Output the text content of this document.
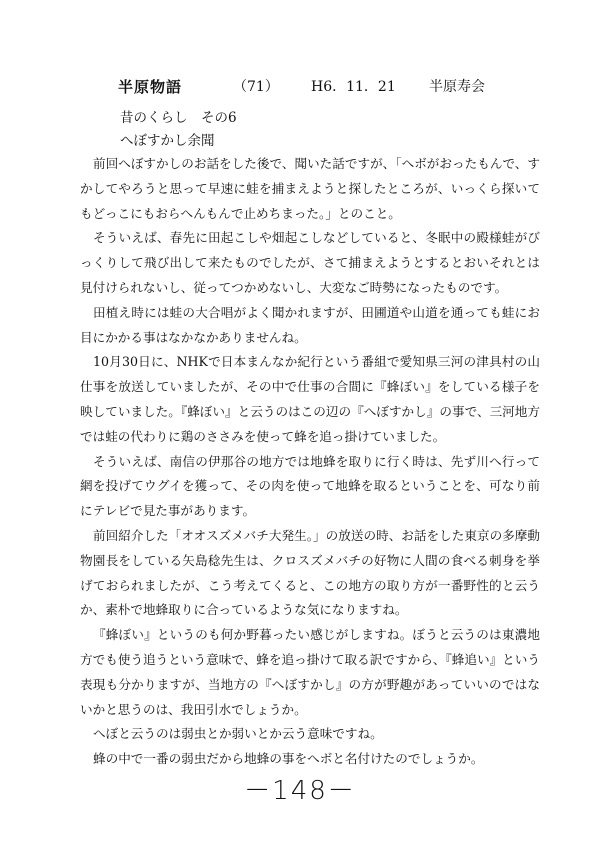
半原物語	（71） H6．11．21 半原寿会
昔のくらし　その6
へぼすかし余聞

前回へぼすかしのお話をした後で、聞いた話ですが、「へボがおったもんで、すかしてやろうと思って早速に蛙を捕まえようと探したところが、いっくら探いてもどっこにもおらへんもんで止めちまった。」とのこと。

そういえば、春先に田起こしや畑起こしなどしていると、冬眠中の殿様蛙がびっくりして飛び出して来たものでしたが、さて捕まえようとするとおいそれとは見付けられないし、従ってつかめないし、大変なご時勢になったものです。

田植え時には蛙の大合唱がよく聞かれますが、田圃道や山道を通っても蛙にお目にかかる事はなかなかありませんね。

10月30日に、NHKで日本まんなか紀行という番組で愛知県三河の津具村の山仕事を放送していましたが、その中で仕事の合間に『蜂ぼい』をしている様子を映していました。『蜂ぼい』と云うのはこの辺の『へぼすかし』の事で、三河地方では蛙の代わりに鶏のささみを使って蜂を追っ掛けていました。

そういえば、南信の伊那谷の地方では地蜂を取りに行く時は、先ず川へ行って網を投げてウグイを獲って、その肉を使って地蜂を取るということを、可なり前にテレビで見た事があります。

前回紹介した「オオスズメバチ大発生。」の放送の時、お話をした東京の多摩動物園長をしている矢島稔先生は、クロスズメバチの好物に人間の食べる刺身を挙げておられましたが、こう考えてくると、この地方の取り方が一番野性的と云うか、素朴で地蜂取りに合っているような気になりますね。

『蜂ぼい』というのも何か野暮ったい感じがしますね。ぼうと云うのは東濃地方でも使う追うという意味で、蜂を追っ掛けて取る訳ですから、『蜂追い』という表現も分かりますが、当地方の『へぼすかし』の方が野趣があっていいのではないかと思うのは、我田引水でしょうか。

へぼと云うのは弱虫とか弱いとか云う意味ですね。

蜂の中で一番の弱虫だから地蜂の事をへボと名付けたのでしょうか。

－148－
